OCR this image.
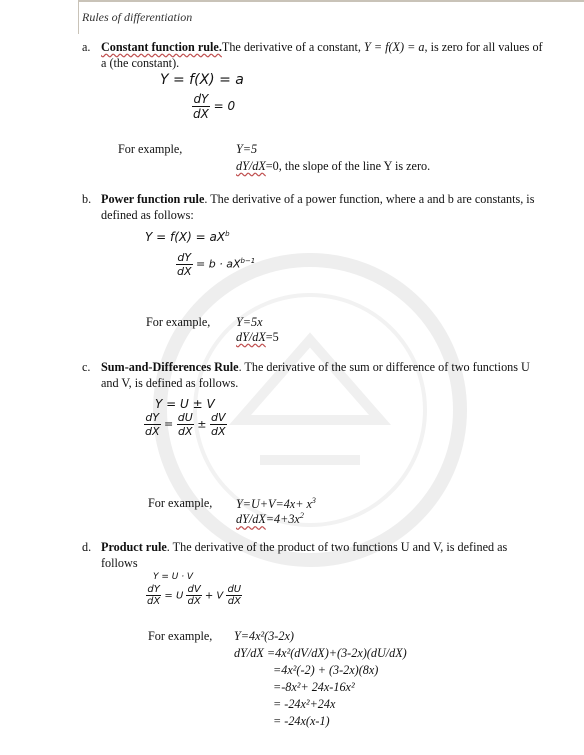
Rules of differentiation
a. Constant function rule.The derivative of a constant, Y = f(X) = a, is zero for all values of
a (the constant).
Y = f(X) = a
$\frac{dY}{dX} = 0$
For example,	Y=5
dY/dX=0, the slope of the line Y is zero.
b. Power function rule. The derivative of a power function, where a and b are constants, is
defined as follows:
$Y = f(X) = aX^b$
$\frac{dY}{dX} = b \cdot aX^{b-1}$
For example, Y=5x
dY/dX=5
c. Sum-and-Differences Rule. The derivative of the sum or difference of two functions U
and V, is defined as follows.
Y = U ± V
$\frac{dY}{dX} = \frac{dU}{dX} \pm \frac{dV}{dX}$
For example, $Y=U+V=4x+ x^3$
$dY/dX=4+3x^2$
d. Product rule. The derivative of the product of two functions U and V, is defined as
follows
Y = U · V
$\frac{dY}{dX} = U \frac{dV}{dX} + V \frac{dU}{dX}$
For example, Y=4x²(3-2x)
dY/dX =4x²(dV/dX)+(3-2x)(dU/dX)
=4x²(-2) + (3-2x)(8x)
=-8x²+ 24x-16x²
= -24x²+24x
= -24x(x-1)
